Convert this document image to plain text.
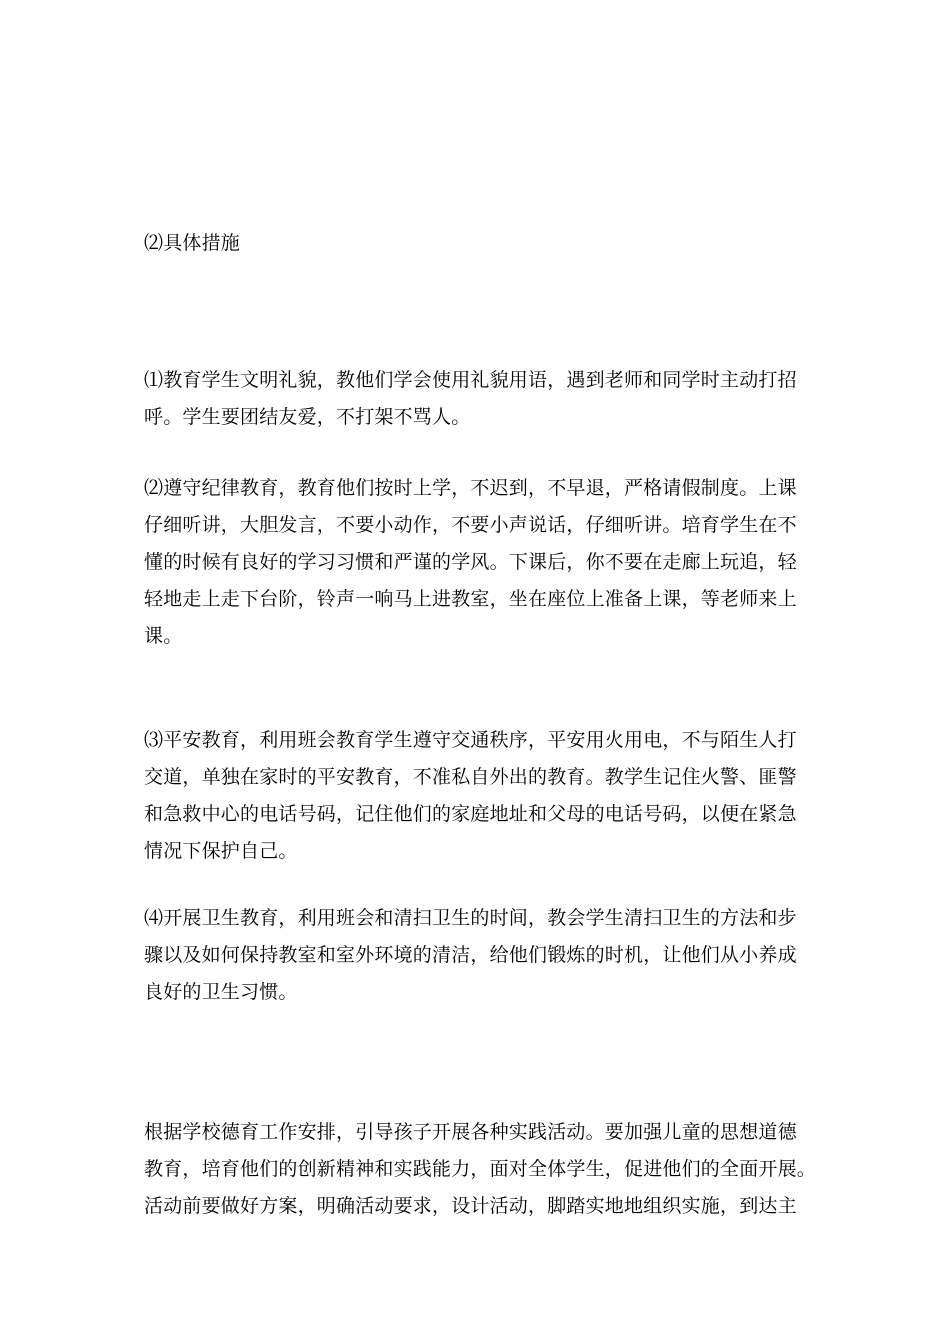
⑵具体措施
⑴教育学生文明礼貌，教他们学会使用礼貌用语，遇到老师和同学时主动打招
呼。学生要团结友爱，不打架不骂人。
⑵遵守纪律教育，教育他们按时上学，不迟到，不早退，严格请假制度。上课
仔细听讲，大胆发言，不要小动作，不要小声说话，仔细听讲。培育学生在不
懂的时候有良好的学习习惯和严谨的学风。下课后，你不要在走廊上玩追，轻
轻地走上走下台阶，铃声一响马上进教室，坐在座位上准备上课，等老师来上
课。
⑶平安教育，利用班会教育学生遵守交通秩序，平安用火用电，不与陌生人打
交道，单独在家时的平安教育，不准私自外出的教育。教学生记住火警、匪警
和急救中心的电话号码，记住他们的家庭地址和父母的电话号码，以便在紧急
情况下保护自己。
⑷开展卫生教育，利用班会和清扫卫生的时间，教会学生清扫卫生的方法和步
骤以及如何保持教室和室外环境的清洁，给他们锻炼的时机，让他们从小养成
良好的卫生习惯。
根据学校德育工作安排，引导孩子开展各种实践活动。要加强儿童的思想道德
教育，培育他们的创新精神和实践能力，面对全体学生，促进他们的全面开展。
活动前要做好方案，明确活动要求，设计活动，脚踏实地地组织实施，到达主
